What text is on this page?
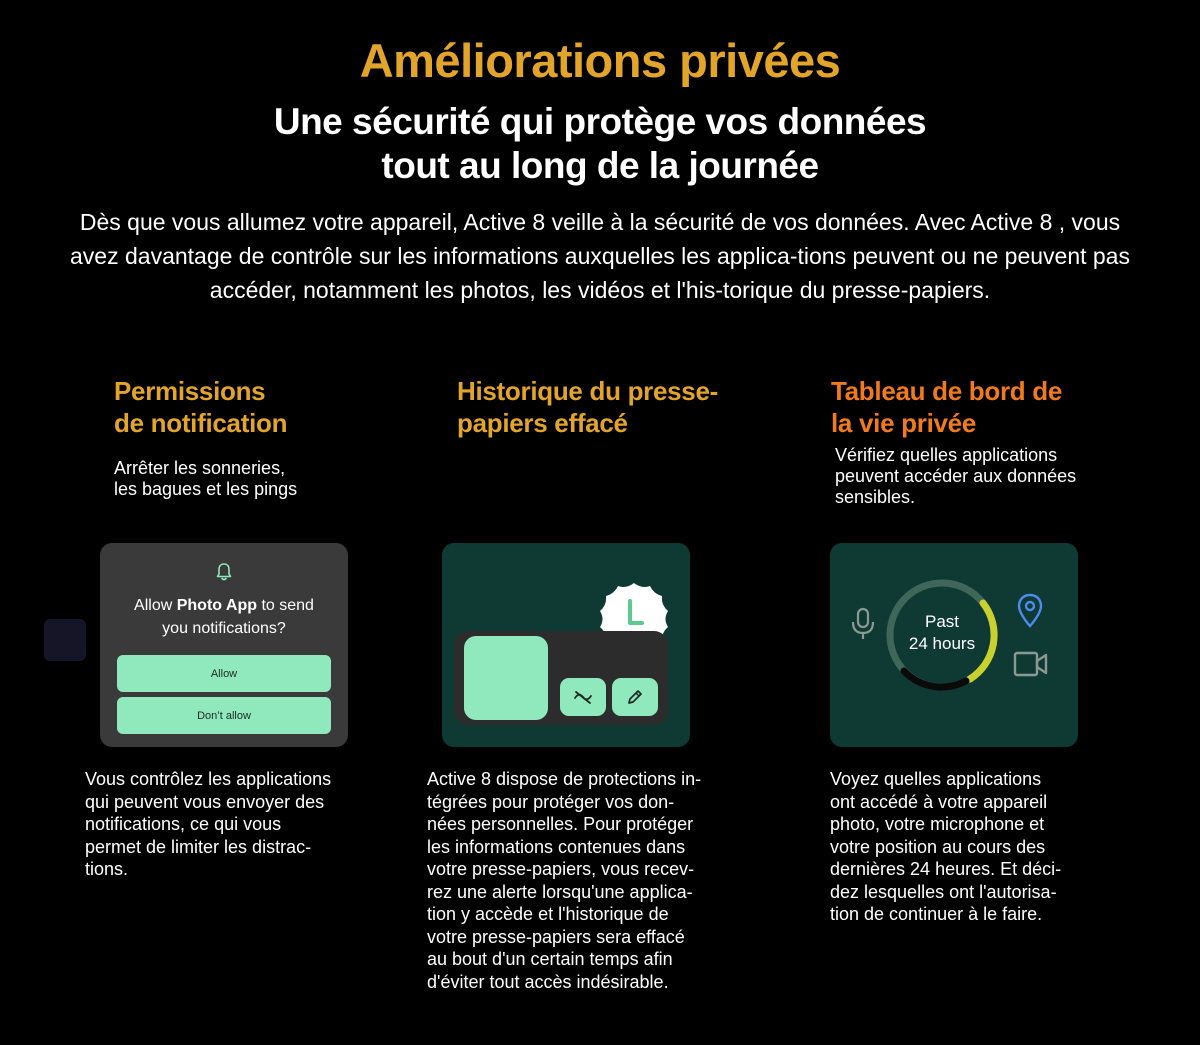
Améliorations privées
Une sécurité qui protège vos données
tout au long de la journée
Dès que vous allumez votre appareil, Active 8 veille à la sécurité de vos données. Avec Active 8 , vous avez davantage de contrôle sur les informations auxquelles les applica-tions peuvent ou ne peuvent pas accéder, notamment les photos, les vidéos et l'his-torique du presse-papiers.
Permissions
de notification
Arrêter les sonneries,
les bagues et les pings
Allow Photo App to send
you notifications?
Allow
Don’t allow
Vous contrôlez les applications
qui peuvent vous envoyer des
notifications, ce qui vous
permet de limiter les distrac-
tions.
Historique du presse-
papiers effacé
Active 8 dispose de protections in-
tégrées pour protéger vos don-
nées personnelles. Pour protéger
les informations contenues dans
votre presse-papiers, vous recev-
rez une alerte lorsqu'une applica-
tion y accède et l'historique de
votre presse-papiers sera effacé
au bout d'un certain temps afin
d'éviter tout accès indésirable.
Tableau de bord de
la vie privée
Vérifiez quelles applications
peuvent accéder aux données
sensibles.
Past
24 hours
Voyez quelles applications
ont accédé à votre appareil
photo, votre microphone et
votre position au cours des
dernières 24 heures. Et déci-
dez lesquelles ont l'autorisa-
tion de continuer à le faire.
